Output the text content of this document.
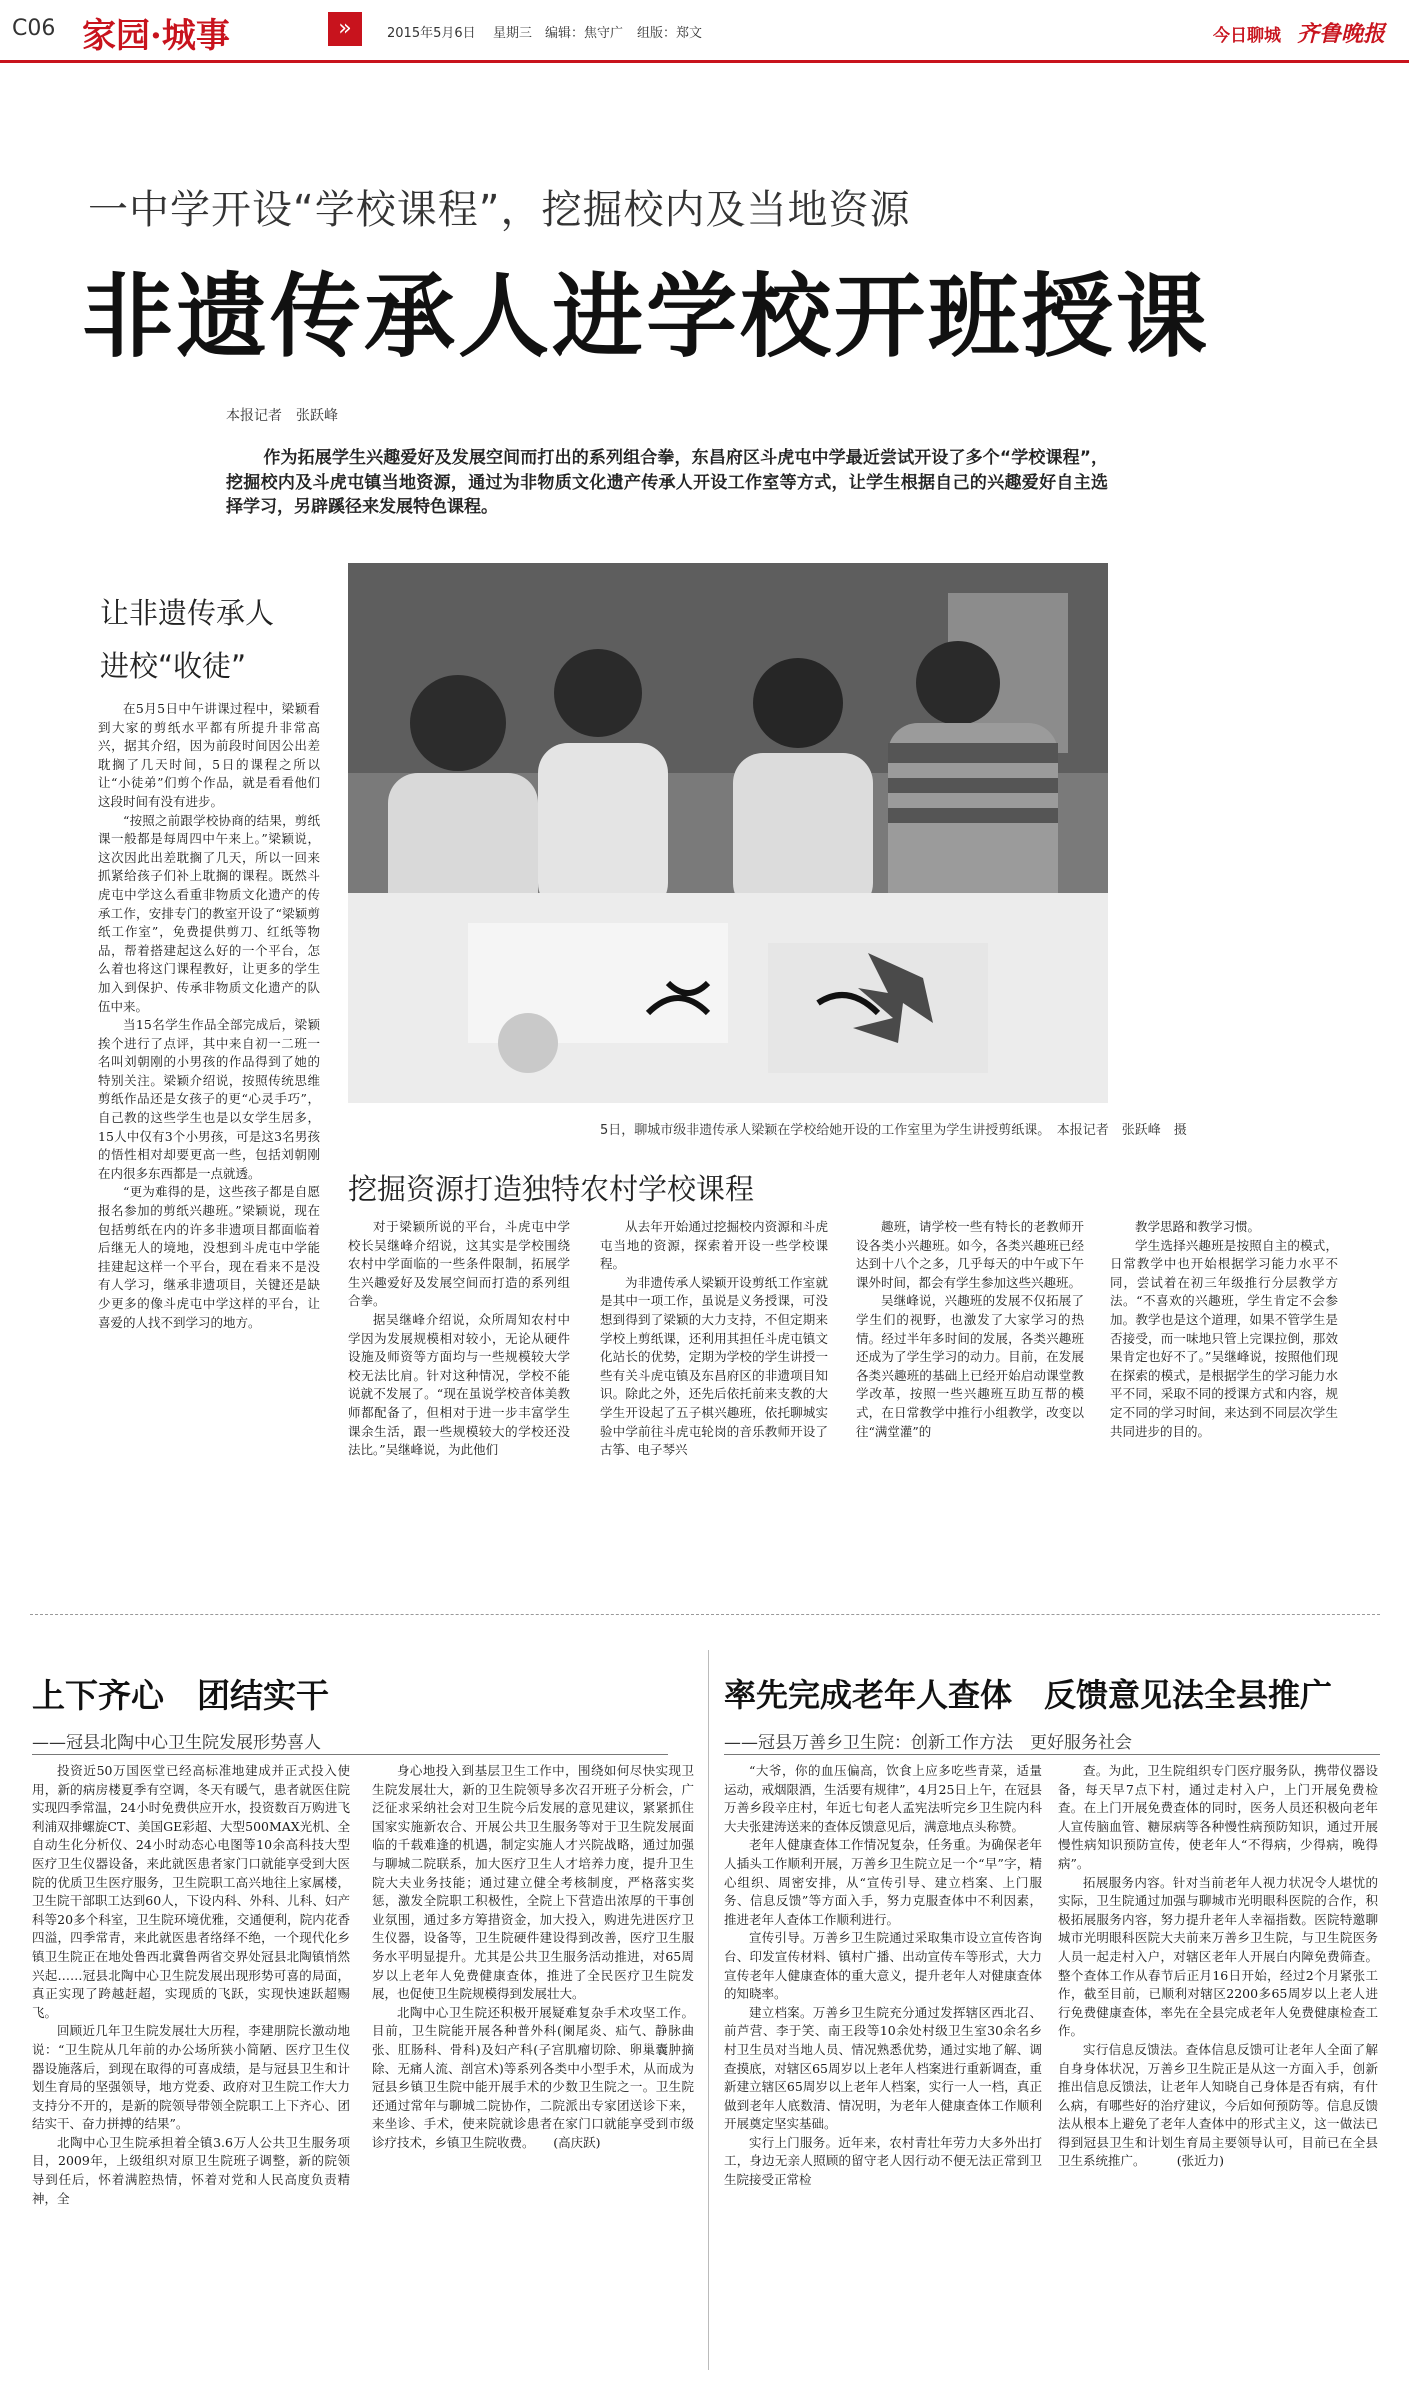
C06 家园·城事	»	2015年5月6日 星期三 编辑：焦守广 组版：郑文	今日聊城 齐鲁晚报
一中学开设“学校课程”，挖掘校内及当地资源
非遗传承人进学校开班授课
本报记者　张跃峰
作为拓展学生兴趣爱好及发展空间而打出的系列组合拳，东昌府区斗虎屯中学最近尝试开设了多个“学校课程”，挖掘校内及斗虎屯镇当地资源，通过为非物质文化遗产传承人开设工作室等方式，让学生根据自己的兴趣爱好自主选择学习，另辟蹊径来发展特色课程。
5日，聊城市级非遗传承人梁颖在学校给她开设的工作室里为学生讲授剪纸课。　本报记者　张跃峰　摄
让非遗传承人
进校“收徒”

在5月5日中午讲课过程中，梁颖看到大家的剪纸水平都有所提升非常高兴，据其介绍，因为前段时间因公出差耽搁了几天时间，5日的课程之所以让“小徒弟”们剪个作品，就是看看他们这段时间有没有进步。

“按照之前跟学校协商的结果，剪纸课一般都是每周四中午来上。”梁颖说，这次因此出差耽搁了几天，所以一回来抓紧给孩子们补上耽搁的课程。既然斗虎屯中学这么看重非物质文化遗产的传承工作，安排专门的教室开设了“梁颖剪纸工作室”，免费提供剪刀、红纸等物品，帮着搭建起这么好的一个平台，怎么着也将这门课程教好，让更多的学生加入到保护、传承非物质文化遗产的队伍中来。

当15名学生作品全部完成后，梁颖挨个进行了点评，其中来自初一二班一名叫刘朝刚的小男孩的作品得到了她的特别关注。梁颖介绍说，按照传统思维剪纸作品还是女孩子的更“心灵手巧”，自己教的这些学生也是以女学生居多，15人中仅有3个小男孩，可是这3名男孩的悟性相对却要更高一些，包括刘朝刚在内很多东西都是一点就透。

“更为难得的是，这些孩子都是自愿报名参加的剪纸兴趣班。”梁颖说，现在包括剪纸在内的许多非遗项目都面临着后继无人的境地，没想到斗虎屯中学能挂建起这样一个平台，现在看来不是没有人学习，继承非遗项目，关键还是缺少更多的像斗虎屯中学这样的平台，让喜爱的人找不到学习的地方。

挖掘资源打造独特农村学校课程

对于梁颖所说的平台，斗虎屯中学校长吴继峰介绍说，这其实是学校围绕农村中学面临的一些条件限制，拓展学生兴趣爱好及发展空间而打造的系列组合拳。

据吴继峰介绍说，众所周知农村中学因为发展规模相对较小，无论从硬件设施及师资等方面均与一些规模较大学校无法比肩。针对这种情况，学校不能说就不发展了。“现在虽说学校音体美教师都配备了，但相对于进一步丰富学生课余生活，跟一些规模较大的学校还没法比。”吴继峰说，为此他们

从去年开始通过挖掘校内资源和斗虎屯当地的资源，探索着开设一些学校课程。

为非遗传承人梁颖开设剪纸工作室就是其中一项工作，虽说是义务授课，可没想到得到了梁颖的大力支持，不但定期来学校上剪纸课，还利用其担任斗虎屯镇文化站长的优势，定期为学校的学生讲授一些有关斗虎屯镇及东昌府区的非遗项目知识。除此之外，还先后依托前来支教的大学生开设起了五子棋兴趣班，依托聊城实验中学前往斗虎屯轮岗的音乐教师开设了古筝、电子琴兴

趣班，请学校一些有特长的老教师开设各类小兴趣班。如今，各类兴趣班已经达到十八个之多，几乎每天的中午或下午课外时间，都会有学生参加这些兴趣班。

吴继峰说，兴趣班的发展不仅拓展了学生们的视野，也激发了大家学习的热情。经过半年多时间的发展，各类兴趣班还成为了学生学习的动力。目前，在发展各类兴趣班的基础上已经开始启动课堂教学改革，按照一些兴趣班互助互帮的模式，在日常教学中推行小组教学，改变以往“满堂灌”的

教学思路和教学习惯。

学生选择兴趣班是按照自主的模式，日常教学中也开始根据学习能力水平不同，尝试着在初三年级推行分层教学方法。“不喜欢的兴趣班，学生肯定不会参加。教学也是这个道理，如果不管学生是否接受，而一味地只管上完课拉倒，那效果肯定也好不了。”吴继峰说，按照他们现在探索的模式，是根据学生的学习能力水平不同，采取不同的授课方式和内容，规定不同的学习时间，来达到不同层次学生共同进步的目的。

上下齐心　团结实干
——冠县北陶中心卫生院发展形势喜人

投资近50万国医堂已经高标准地建成并正式投入使用，新的病房楼夏季有空调，冬天有暖气，患者就医住院实现四季常温，24小时免费供应开水，投资数百万购进飞利浦双排螺旋CT、美国GE彩超、大型500MAX光机、全自动生化分析仪、24小时动态心电图等10余高科技大型医疗卫生仪器设备，来此就医患者家门口就能享受到大医院的优质卫生医疗服务，卫生院职工高兴地往上家属楼，卫生院干部职工达到60人，下设内科、外科、儿科、妇产科等20多个科室，卫生院环境优雅，交通便利，院内花香四溢，四季常青，来此就医患者络绎不绝，一个现代化乡镇卫生院正在地处鲁西北冀鲁两省交界处冠县北陶镇悄然兴起……冠县北陶中心卫生院发展出现形势可喜的局面，真正实现了跨越赶超，实现质的飞跃，实现快速跃超赐飞。

回顾近几年卫生院发展壮大历程，李建朋院长激动地说：“卫生院从几年前的办公场所狭小简陋、医疗卫生仪器设施落后，到现在取得的可喜成绩，是与冠县卫生和计划生育局的坚强领导，地方党委、政府对卫生院工作大力支持分不开的，是新的院领导带领全院职工上下齐心、团结实干、奋力拼搏的结果”。

北陶中心卫生院承担着全镇3.6万人公共卫生服务项目，2009年，上级组织对原卫生院班子调整，新的院领导到任后，怀着满腔热情，怀着对党和人民高度负责精神，全

身心地投入到基层卫生工作中，围绕如何尽快实现卫生院发展壮大，新的卫生院领导多次召开班子分析会，广泛征求采纳社会对卫生院今后发展的意见建议，紧紧抓住国家实施新农合、开展公共卫生服务等对于卫生院发展面临的千载难逢的机遇，制定实施人才兴院战略，通过加强与聊城二院联系，加大医疗卫生人才培养力度，提升卫生院大夫业务技能；通过建立健全考核制度，严格落实奖惩，激发全院职工积极性，全院上下营造出浓厚的干事创业氛围，通过多方筹措资金，加大投入，购进先进医疗卫生仪器，设备等，卫生院硬件建设得到改善，医疗卫生服务水平明显提升。尤其是公共卫生服务活动推进，对65周岁以上老年人免费健康查体，推进了全民医疗卫生院发展，也促使卫生院规模得到发展壮大。

北陶中心卫生院还积极开展疑难复杂手术攻坚工作。目前，卫生院能开展各种普外科(阑尾炎、疝气、静脉曲张、肛肠科、骨科)及妇产科(子宫肌瘤切除、卵巢囊肿摘除、无痛人流、剖宫术)等系列各类中小型手术，从而成为冠县乡镇卫生院中能开展手术的少数卫生院之一。卫生院还通过常年与聊城二院协作，二院派出专家团送诊下来，来坐诊、手术，使来院就诊患者在家门口就能享受到市级诊疗技术，乡镇卫生院收费。　　(高庆跃)

率先完成老年人查体　反馈意见法全县推广
——冠县万善乡卫生院：创新工作方法　更好服务社会

“大爷，你的血压偏高，饮食上应多吃些青菜，适量运动，戒烟限酒，生活要有规律”，4月25日上午，在冠县万善乡段辛庄村，年近七旬老人孟宪法听完乡卫生院内科大夫张建涛送来的查体反馈意见后，满意地点头称赞。

老年人健康查体工作情况复杂，任务重。为确保老年人插头工作顺利开展，万善乡卫生院立足一个“早”字，精心组织、周密安排，从“宣传引导、建立档案、上门服务、信息反馈”等方面入手，努力克服查体中不利因素，推进老年人查体工作顺利进行。

宣传引导。万善乡卫生院通过采取集市设立宣传咨询台、印发宣传材料、镇村广播、出动宣传车等形式，大力宣传老年人健康查体的重大意义，提升老年人对健康查体的知晓率。

建立档案。万善乡卫生院充分通过发挥辖区西北召、前芦营、李于笑、南王段等10余处村级卫生室30余名乡村卫生员对当地人员、情况熟悉优势，通过实地了解、调查摸底，对辖区65周岁以上老年人档案进行重新调查，重新建立辖区65周岁以上老年人档案，实行一人一档，真正做到老年人底数清、情况明，为老年人健康查体工作顺利开展奠定坚实基础。

实行上门服务。近年来，农村青壮年劳力大多外出打工，身边无亲人照顾的留守老人因行动不便无法正常到卫生院接受正常检

查。为此，卫生院组织专门医疗服务队，携带仪器设备，每天早7点下村，通过走村入户，上门开展免费检查。在上门开展免费查体的同时，医务人员还积极向老年人宣传脑血管、糖尿病等各种慢性病预防知识，通过开展慢性病知识预防宣传，使老年人“不得病，少得病，晚得病”。

拓展服务内容。针对当前老年人视力状况令人堪忧的实际，卫生院通过加强与聊城市光明眼科医院的合作，积极拓展服务内容，努力提升老年人幸福指数。医院特邀聊城市光明眼科医院大夫前来万善乡卫生院，与卫生院医务人员一起走村入户，对辖区老年人开展白内障免费筛查。整个查体工作从春节后正月16日开始，经过2个月紧张工作，截至目前，已顺利对辖区2200多65周岁以上老人进行免费健康查体，率先在全县完成老年人免费健康检查工作。

实行信息反馈法。查体信息反馈可让老年人全面了解自身身体状况，万善乡卫生院正是从这一方面入手，创新推出信息反馈法，让老年人知晓自己身体是否有病，有什么病，有哪些好的治疗建议，今后如何预防等。信息反馈法从根本上避免了老年人查体中的形式主义，这一做法已得到冠县卫生和计划生育局主要领导认可，目前已在全县卫生系统推广。　　　(张近力)
